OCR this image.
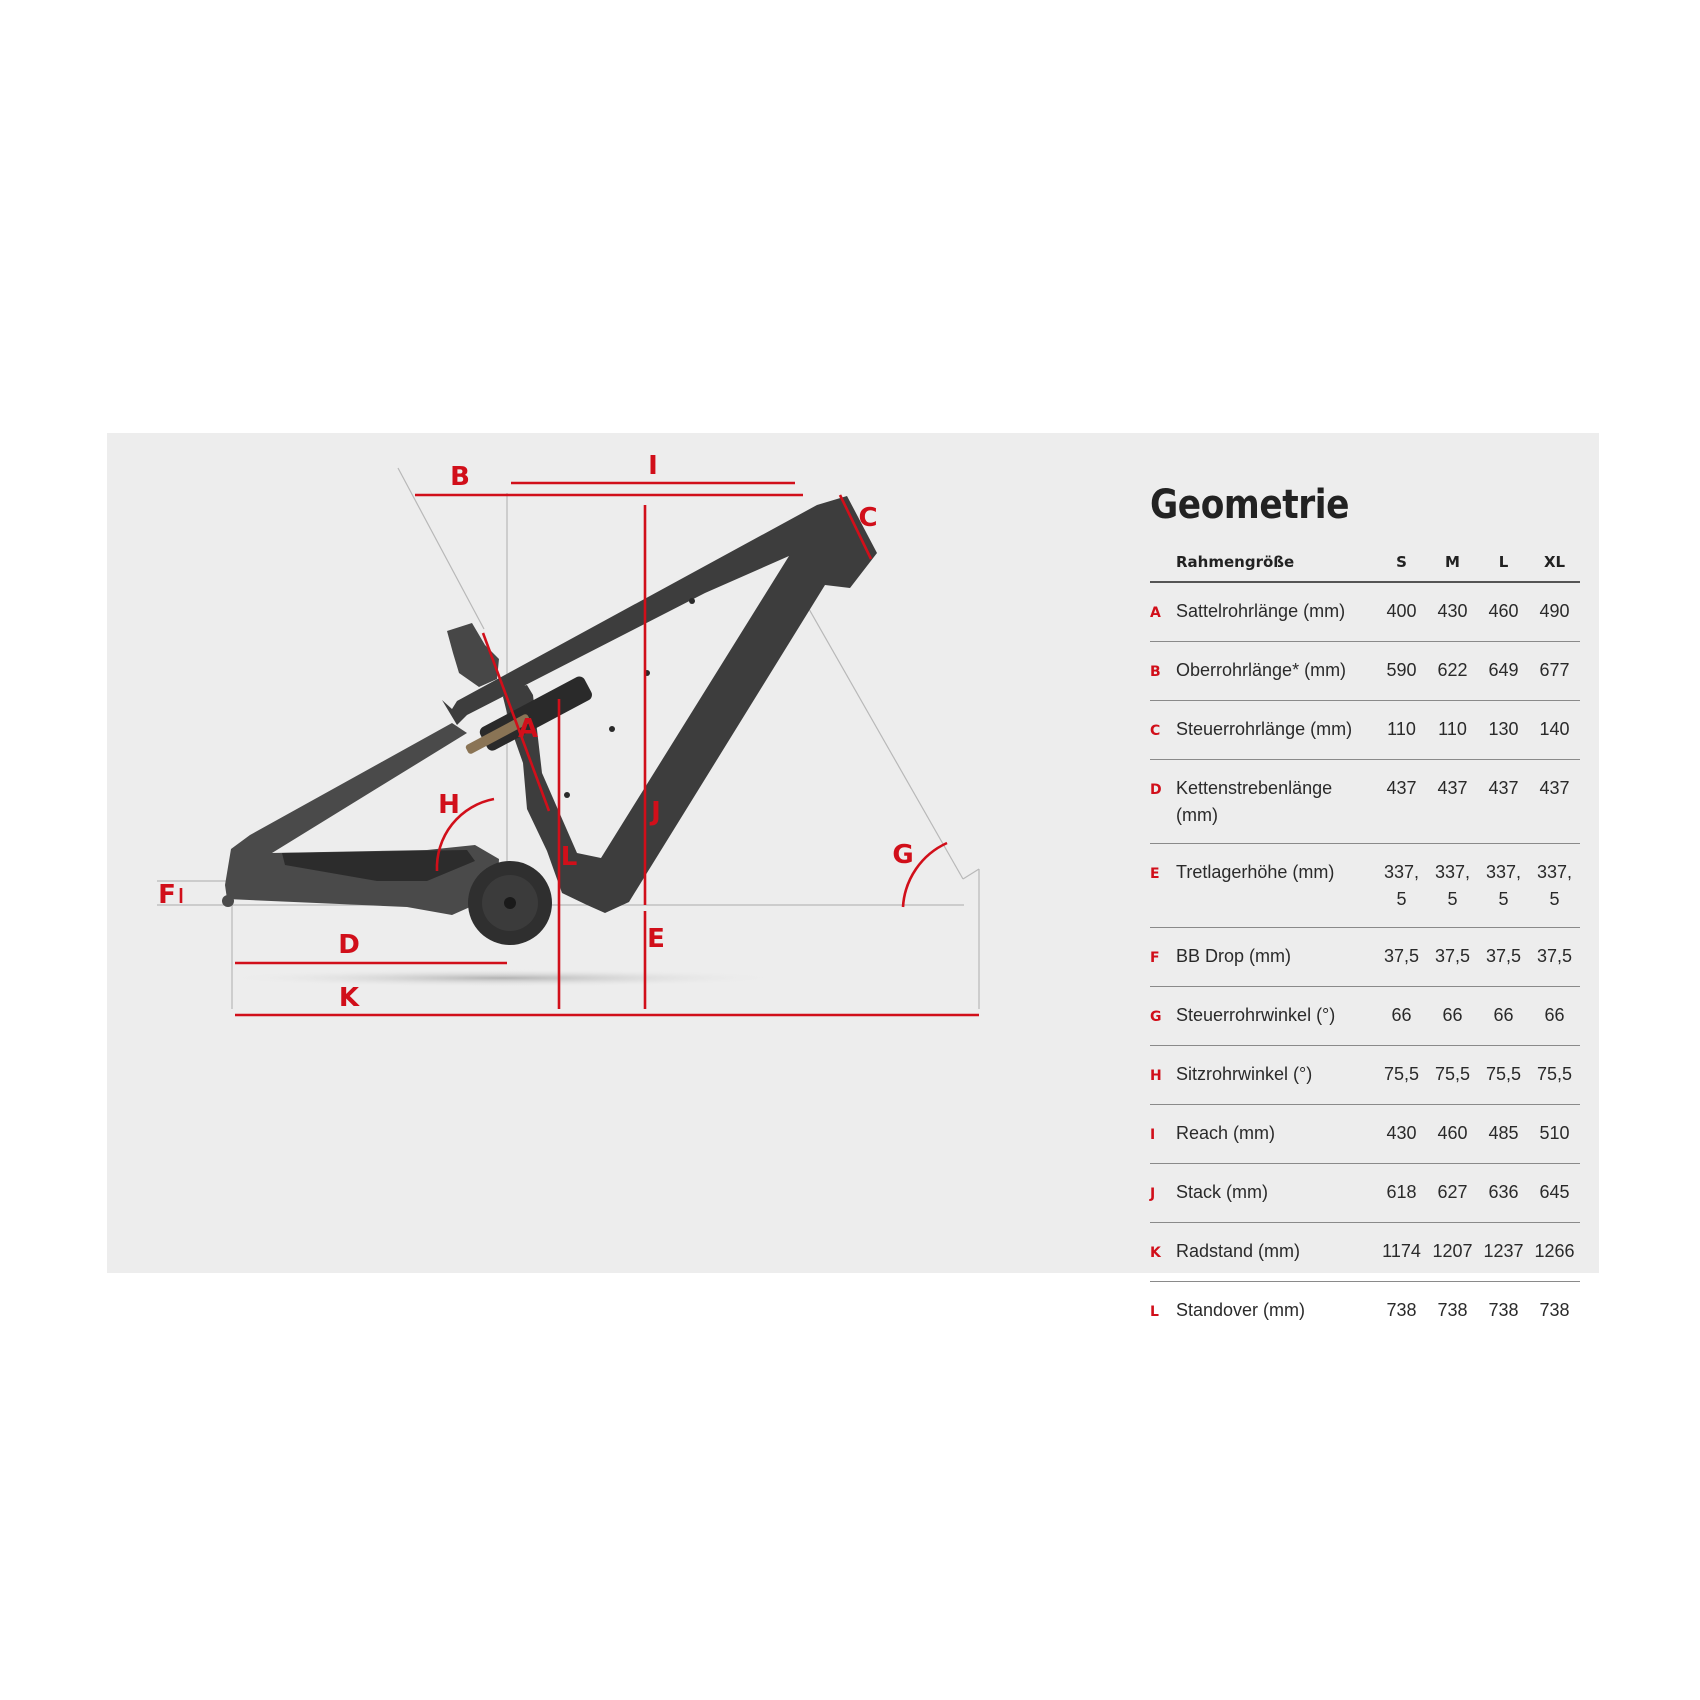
B	I
C
A
H	J
L	G
F
D	E
K
Geometrie
	Rahmengröße	S	M	L	XL
A	Sattelrohrlänge (mm)	400	430	460	490
B	Oberrohrlänge* (mm)	590	622	649	677
C	Steuerrohrlänge (mm)	110	110	130	140
D	Kettenstrebenlänge (mm)	437	437	437	437
E	Tretlagerhöhe (mm)	337,5	337,5	337,5	337,5
F	BB Drop (mm)	37,5	37,5	37,5	37,5
G	Steuerrohrwinkel (°)	66	66	66	66
H	Sitzrohrwinkel (°)	75,5	75,5	75,5	75,5
I	Reach (mm)	430	460	485	510
J	Stack (mm)	618	627	636	645
K	Radstand (mm)	1174	1207	1237	1266
L	Standover (mm)	738	738	738	738
